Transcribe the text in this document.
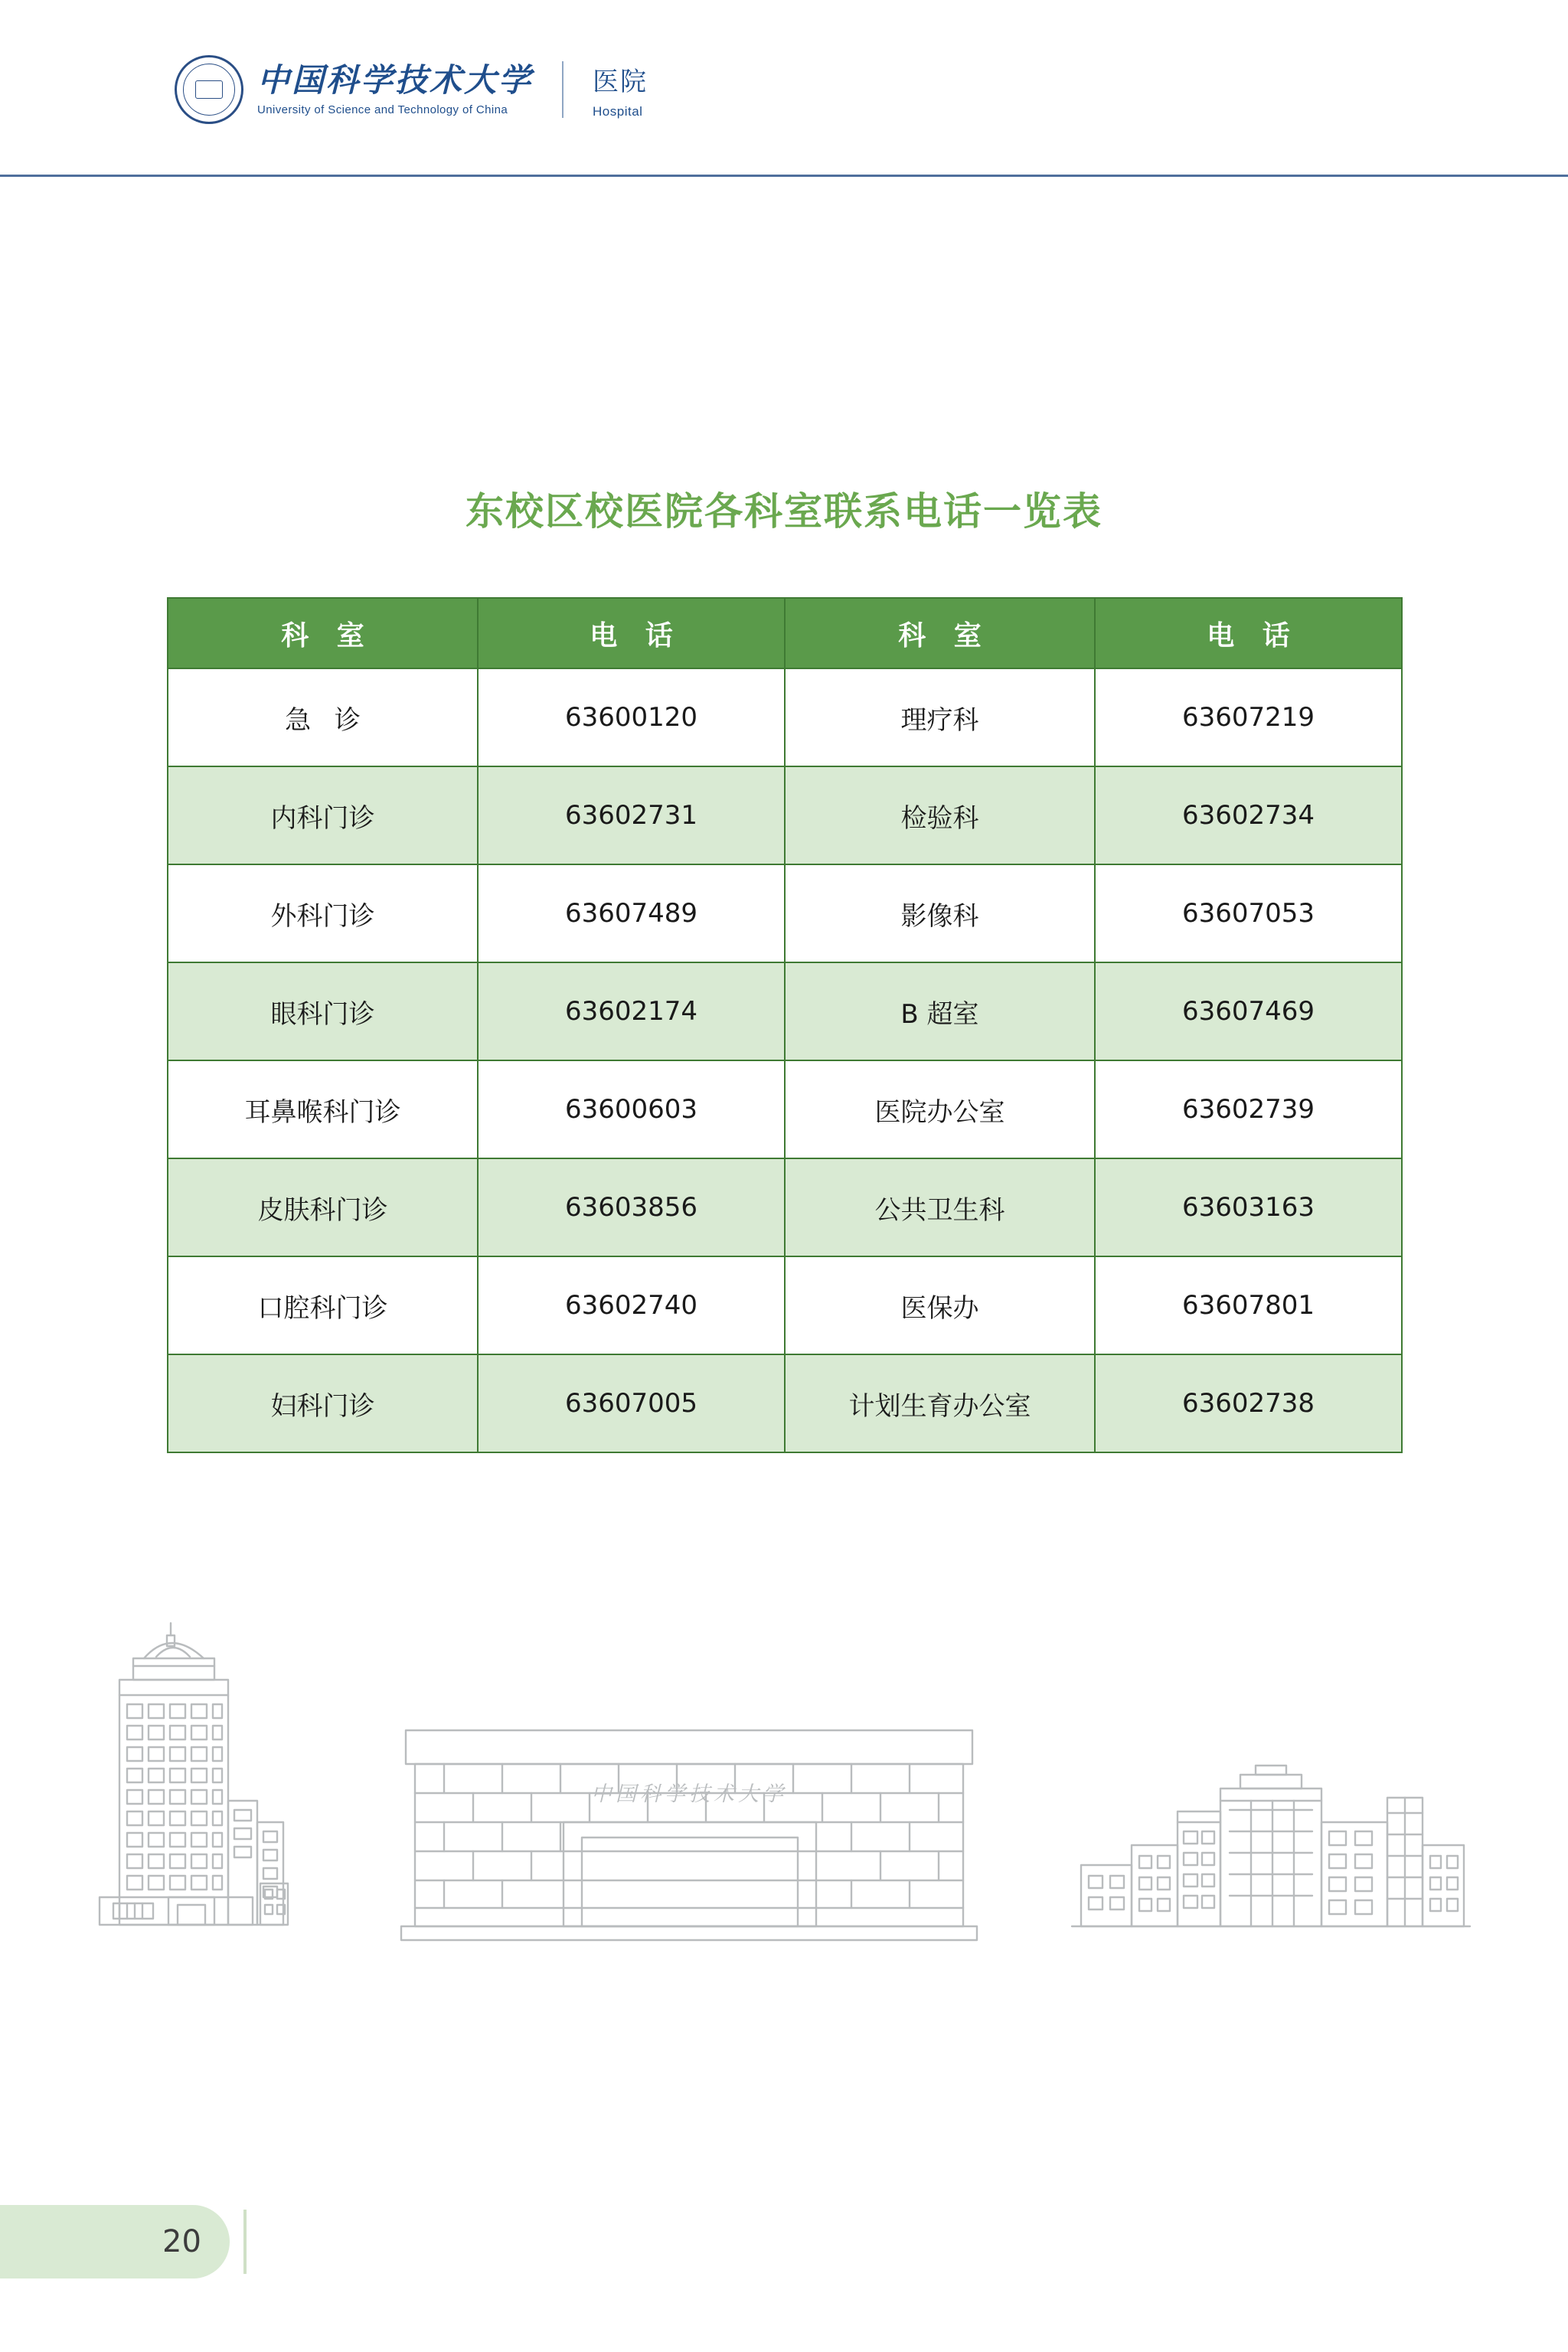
中国科学技术大学
University of Science and Technology of China
医院
Hospital
东校区校医院各科室联系电话一览表
科 室	电 话	科 室	电 话
急 诊	63600120	理疗科	63607219
内科门诊	63602731	检验科	63602734
外科门诊	63607489	影像科	63607053
眼科门诊	63602174	B 超室	63607469
耳鼻喉科门诊	63600603	医院办公室	63602739
皮肤科门诊	63603856	公共卫生科	63603163
口腔科门诊	63602740	医保办	63607801
妇科门诊	63607005	计划生育办公室	63602738
中国科学技术大学
20
